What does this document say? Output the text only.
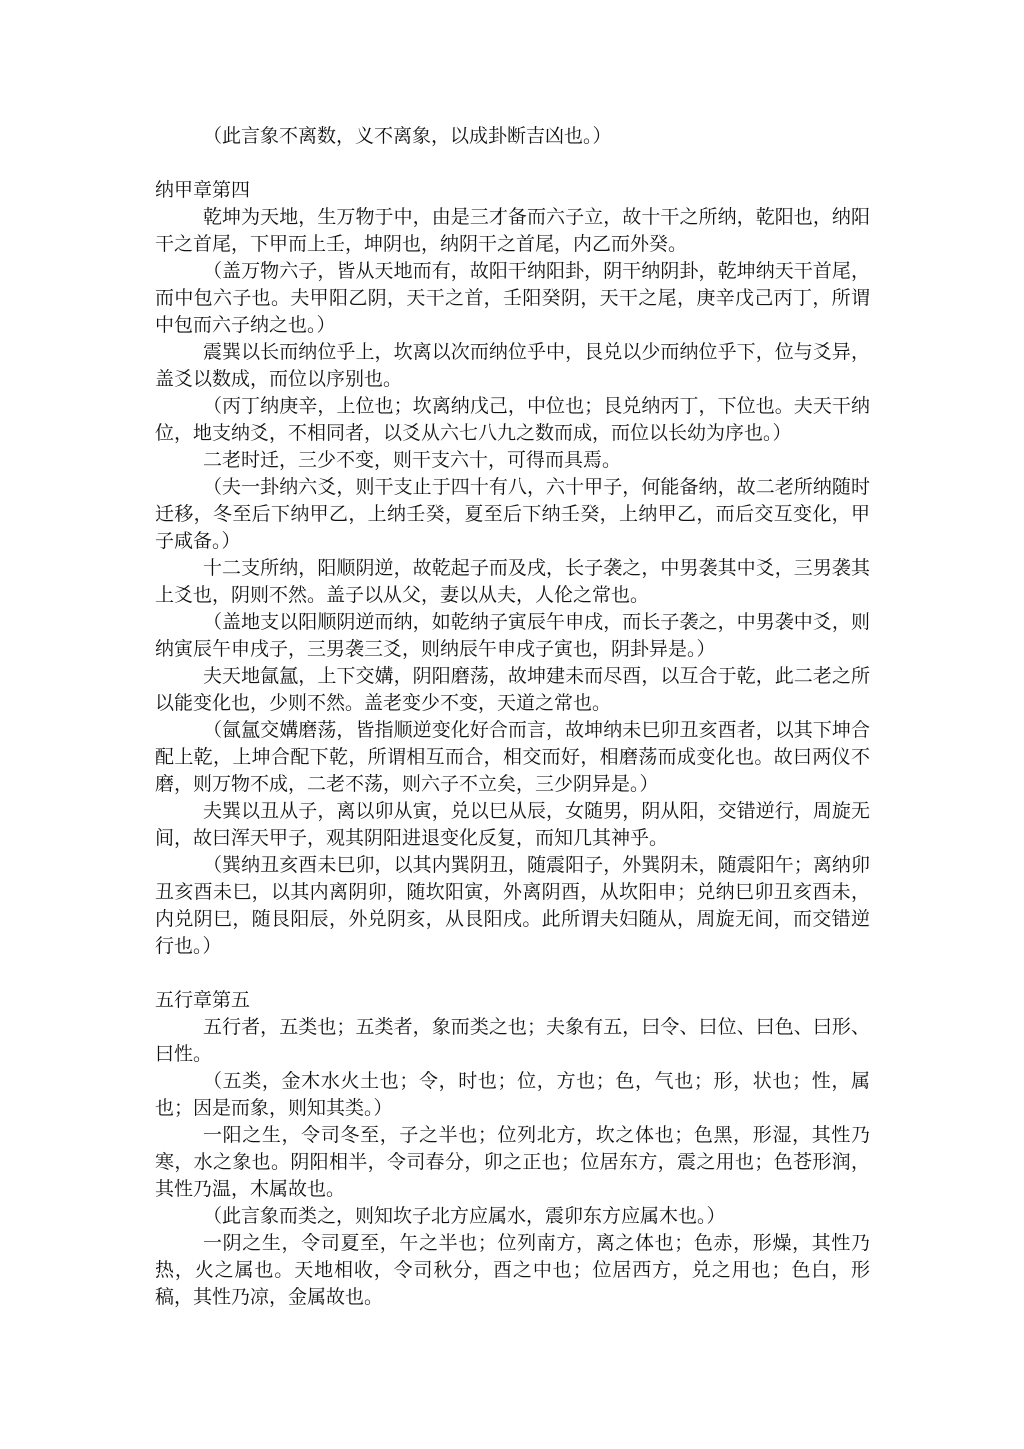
（此言象不离数，义不离象，以成卦断吉凶也。）

纳甲章第四

乾坤为天地，生万物于中，由是三才备而六子立，故十干之所纳，乾阳也，纳阳干之首尾，下甲而上壬，坤阴也，纳阴干之首尾，内乙而外癸。

（盖万物六子，皆从天地而有，故阳干纳阳卦，阴干纳阴卦，乾坤纳天干首尾，而中包六子也。夫甲阳乙阴，天干之首，壬阳癸阴，天干之尾，庚辛戊己丙丁，所谓中包而六子纳之也。）

震巽以长而纳位乎上，坎离以次而纳位乎中，艮兑以少而纳位乎下，位与爻异，盖爻以数成，而位以序别也。

（丙丁纳庚辛，上位也；坎离纳戊己，中位也；艮兑纳丙丁，下位也。夫天干纳位，地支纳爻，不相同者，以爻从六七八九之数而成，而位以长幼为序也。）

二老时迁，三少不变，则干支六十，可得而具焉。

（夫一卦纳六爻，则干支止于四十有八，六十甲子，何能备纳，故二老所纳随时迁移，冬至后下纳甲乙，上纳壬癸，夏至后下纳壬癸，上纳甲乙，而后交互变化，甲子咸备。）

十二支所纳，阳顺阴逆，故乾起子而及戌，长子袭之，中男袭其中爻，三男袭其上爻也，阴则不然。盖子以从父，妻以从夫，人伦之常也。

（盖地支以阳顺阴逆而纳，如乾纳子寅辰午申戌，而长子袭之，中男袭中爻，则纳寅辰午申戌子，三男袭三爻，则纳辰午申戌子寅也，阴卦异是。）

夫天地氤氲，上下交媾，阴阳磨荡，故坤建未而尽酉，以互合于乾，此二老之所以能变化也，少则不然。盖老变少不变，天道之常也。

（氤氲交媾磨荡，皆指顺逆变化好合而言，故坤纳未巳卯丑亥酉者，以其下坤合配上乾，上坤合配下乾，所谓相互而合，相交而好，相磨荡而成变化也。故曰两仪不磨，则万物不成，二老不荡，则六子不立矣，三少阴异是。）

夫巽以丑从子，离以卯从寅，兑以巳从辰，女随男，阴从阳，交错逆行，周旋无间，故曰浑天甲子，观其阴阳进退变化反复，而知几其神乎。

（巽纳丑亥酉未巳卯，以其内巽阴丑，随震阳子，外巽阴未，随震阳午；离纳卯丑亥酉未巳，以其内离阴卯，随坎阳寅，外离阴酉，从坎阳申；兑纳巳卯丑亥酉未，内兑阴巳，随艮阳辰，外兑阴亥，从艮阳戌。此所谓夫妇随从，周旋无间，而交错逆行也。）

五行章第五

五行者，五类也；五类者，象而类之也；夫象有五，曰令、曰位、曰色、曰形、曰性。

（五类，金木水火土也；令，时也；位，方也；色，气也；形，状也；性，属也；因是而象，则知其类。）

一阳之生，令司冬至，子之半也；位列北方，坎之体也；色黑，形湿，其性乃寒，水之象也。阴阳相半，令司春分，卯之正也；位居东方，震之用也；色苍形润，其性乃温，木属故也。

（此言象而类之，则知坎子北方应属水，震卯东方应属木也。）

一阴之生，令司夏至，午之半也；位列南方，离之体也；色赤，形燥，其性乃热，火之属也。天地相收，令司秋分，酉之中也；位居西方，兑之用也；色白，形稿，其性乃凉，金属故也。
